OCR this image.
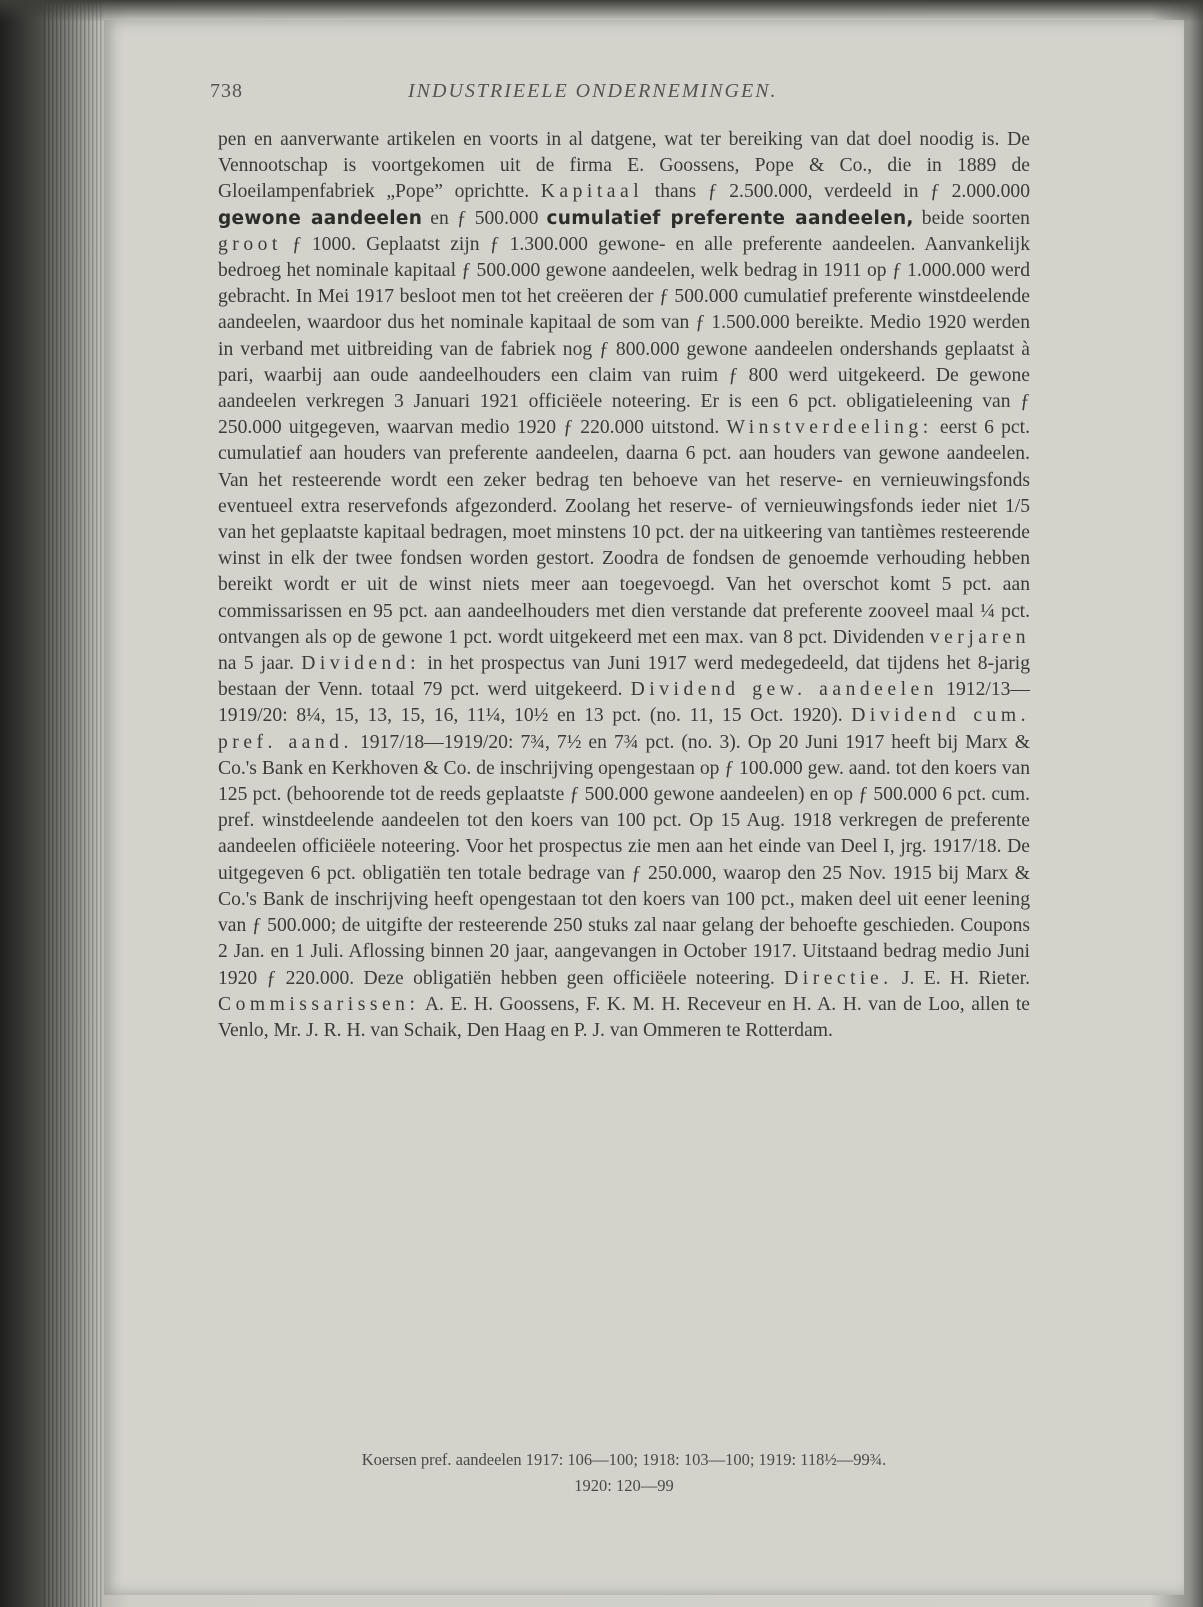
738	INDUSTRIEELE ONDERNEMINGEN.

pen en aanverwante artikelen en voorts in al datgene, wat ter bereiking van dat doel noodig is. De Vennootschap is voortgekomen uit de firma E. Goossens, Pope & Co., die in 1889 de Gloeilampenfabriek „Pope” oprichtte. Kapitaal thans ƒ 2.500.000, verdeeld in ƒ 2.000.000 gewone aandeelen en ƒ 500.000 cumulatief preferente aandeelen, beide soorten groot ƒ 1000. Geplaatst zijn ƒ 1.300.000 gewone- en alle preferente aandeelen. Aanvankelijk bedroeg het nominale kapitaal ƒ 500.000 gewone aandeelen, welk bedrag in 1911 op ƒ 1.000.000 werd gebracht. In Mei 1917 besloot men tot het creëeren der ƒ 500.000 cumulatief preferente winstdeelende aandeelen, waardoor dus het nominale kapitaal de som van ƒ 1.500.000 bereikte. Medio 1920 werden in verband met uitbreiding van de fabriek nog ƒ 800.000 gewone aandeelen ondershands geplaatst à pari, waarbij aan oude aandeelhouders een claim van ruim ƒ 800 werd uitgekeerd. De gewone aandeelen verkregen 3 Januari 1921 officiëele noteering. Er is een 6 pct. obligatieleening van ƒ 250.000 uitgegeven, waarvan medio 1920 ƒ 220.000 uitstond. Winstverdeeling: eerst 6 pct. cumulatief aan houders van preferente aandeelen, daarna 6 pct. aan houders van gewone aandeelen. Van het resteerende wordt een zeker bedrag ten behoeve van het reserve- en vernieuwingsfonds eventueel extra reservefonds afgezonderd. Zoolang het reserve- of vernieuwingsfonds ieder niet 1/5 van het geplaatste kapitaal bedragen, moet minstens 10 pct. der na uitkeering van tantièmes resteerende winst in elk der twee fondsen worden gestort. Zoodra de fondsen de genoemde verhouding hebben bereikt wordt er uit de winst niets meer aan toegevoegd. Van het overschot komt 5 pct. aan commissarissen en 95 pct. aan aandeelhouders met dien verstande dat preferente zooveel maal ¼ pct. ontvangen als op de gewone 1 pct. wordt uitgekeerd met een max. van 8 pct. Dividenden verjaren na 5 jaar. Dividend: in het prospectus van Juni 1917 werd medegedeeld, dat tijdens het 8-jarig bestaan der Venn. totaal 79 pct. werd uitgekeerd. Dividend gew. aandeelen 1912/13—1919/20: 8¼, 15, 13, 15, 16, 11¼, 10½ en 13 pct. (no. 11, 15 Oct. 1920). Dividend cum. pref. aand. 1917/18—1919/20: 7¾, 7½ en 7¾ pct. (no. 3). Op 20 Juni 1917 heeft bij Marx & Co.'s Bank en Kerkhoven & Co. de inschrijving opengestaan op ƒ 100.000 gew. aand. tot den koers van 125 pct. (behoorende tot de reeds geplaatste ƒ 500.000 gewone aandeelen) en op ƒ 500.000 6 pct. cum. pref. winstdeelende aandeelen tot den koers van 100 pct. Op 15 Aug. 1918 verkregen de preferente aandeelen officiëele noteering. Voor het prospectus zie men aan het einde van Deel I, jrg. 1917/18. De uitgegeven 6 pct. obligatiën ten totale bedrage van ƒ 250.000, waarop den 25 Nov. 1915 bij Marx & Co.'s Bank de inschrijving heeft opengestaan tot den koers van 100 pct., maken deel uit eener leening van ƒ 500.000; de uitgifte der resteerende 250 stuks zal naar gelang der behoefte geschieden. Coupons 2 Jan. en 1 Juli. Aflossing binnen 20 jaar, aangevangen in October 1917. Uitstaand bedrag medio Juni 1920 ƒ 220.000. Deze obligatiën hebben geen officiëele noteering. Directie. J. E. H. Rieter. Commissarissen: A. E. H. Goossens, F. K. M. H. Receveur en H. A. H. van de Loo, allen te Venlo, Mr. J. R. H. van Schaik, Den Haag en P. J. van Ommeren te Rotterdam.

Koersen pref. aandeelen 1917: 106—100; 1918: 103—100; 1919: 118½—99¾.
1920: 120—99
